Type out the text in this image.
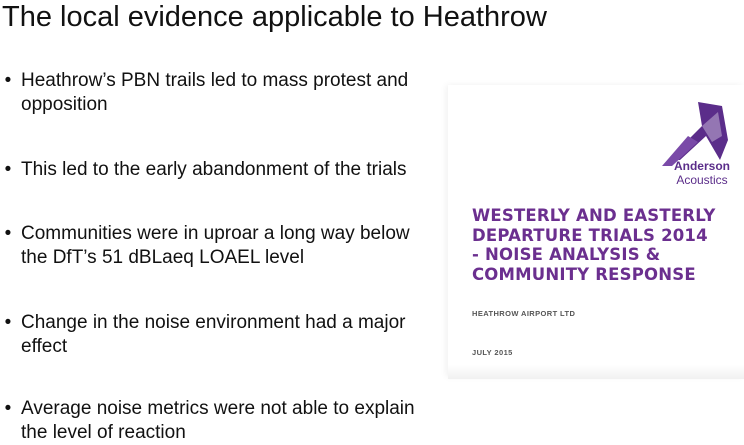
The local evidence applicable to Heathrow
• Heathrow’s PBN trails led to mass protest and
opposition
• This led to the early abandonment of the trials
• Communities were in uproar a long way below
the DfT’s 51 dBLaeq LOAEL level
• Change in the noise environment had a major
effect
• Average noise metrics were not able to explain
the level of reaction
Anderson
Acoustics
WESTERLY AND EASTERLY
DEPARTURE TRIALS 2014
- NOISE ANALYSIS &
COMMUNITY RESPONSE
HEATHROW AIRPORT LTD
JULY 2015
